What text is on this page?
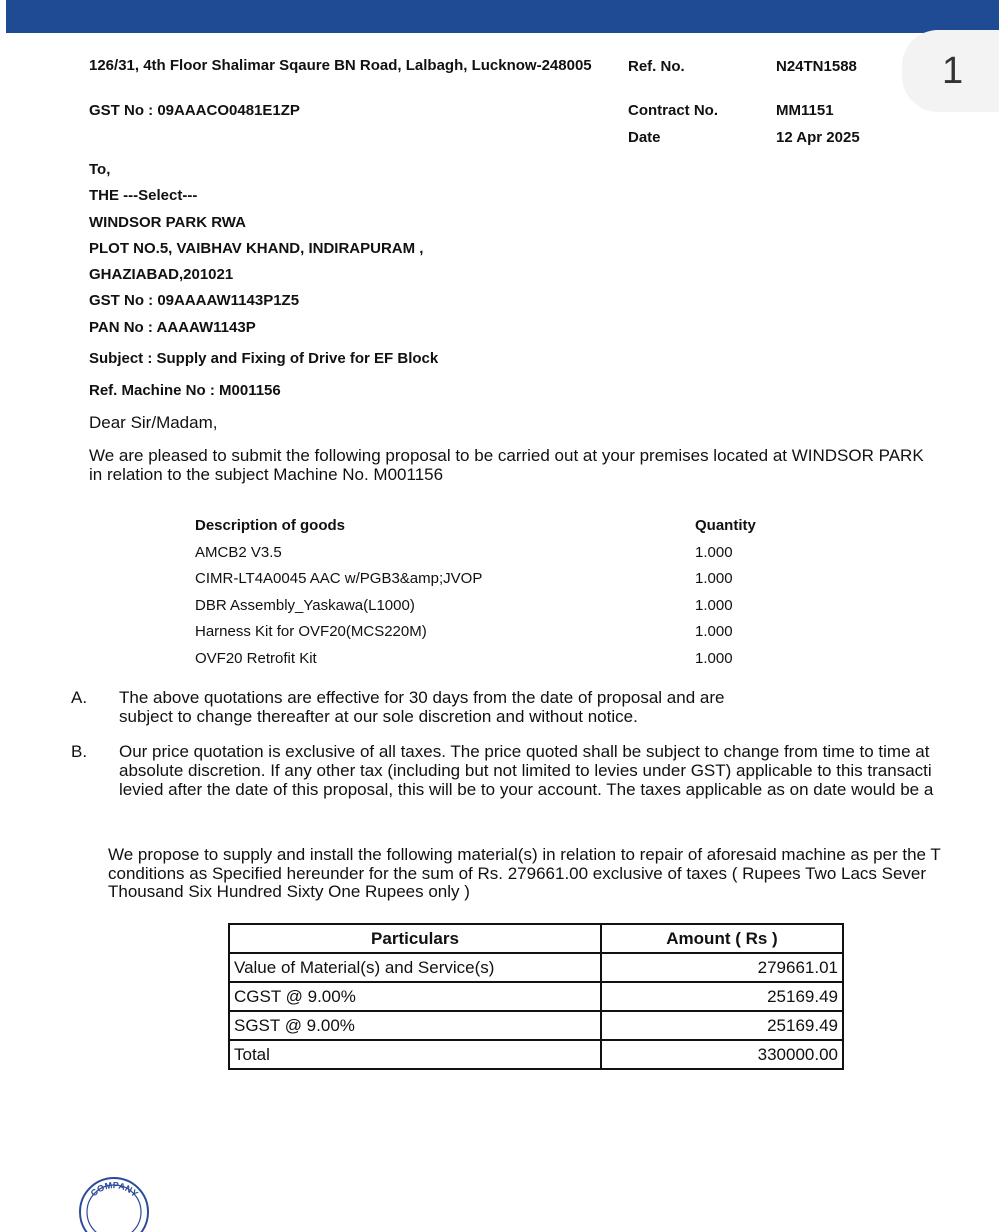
1
126/31, 4th Floor Shalimar Sqaure BN Road, Lalbagh, Lucknow-248005
GST No : 09AAACO0481E1ZP
Ref. No.	N24TN1588
Contract No.	MM1151
Date	12 Apr 2025
To,
THE ---Select---
WINDSOR PARK RWA
PLOT NO.5, VAIBHAV KHAND, INDIRAPURAM ,
GHAZIABAD,201021
GST No : 09AAAAW1143P1Z5
PAN No : AAAAW1143P
Subject : Supply and Fixing of Drive for EF Block
Ref. Machine No : M001156
Dear Sir/Madam,
We are pleased to submit the following proposal to be carried out at your premises located at WINDSOR PARK
in relation to the subject Machine No. M001156
Description of goods	Quantity
AMCB2 V3.5	1.000
CIMR-LT4A0045 AAC w/PGB3&amp;JVOP	1.000
DBR Assembly_Yaskawa(L1000)	1.000
Harness Kit for OVF20(MCS220M)	1.000
OVF20 Retrofit Kit	1.000
A. The above quotations are effective for 30 days from the date of proposal and are
subject to change thereafter at our sole discretion and without notice.
B. Our price quotation is exclusive of all taxes. The price quoted shall be subject to change from time to time at
absolute discretion. If any other tax (including but not limited to levies under GST) applicable to this transacti
levied after the date of this proposal, this will be to your account. The taxes applicable as on date would be a
We propose to supply and install the following material(s) in relation to repair of aforesaid machine as per the T
conditions as Specified hereunder for the sum of Rs. 279661.00 exclusive of taxes ( Rupees Two Lacs Sever
Thousand Six Hundred Sixty One Rupees only )
Particulars	Amount ( Rs )
Value of Material(s) and Service(s)	279661.01
CGST @ 9.00%	25169.49
SGST @ 9.00%	25169.49
Total	330000.00
COMPANY
